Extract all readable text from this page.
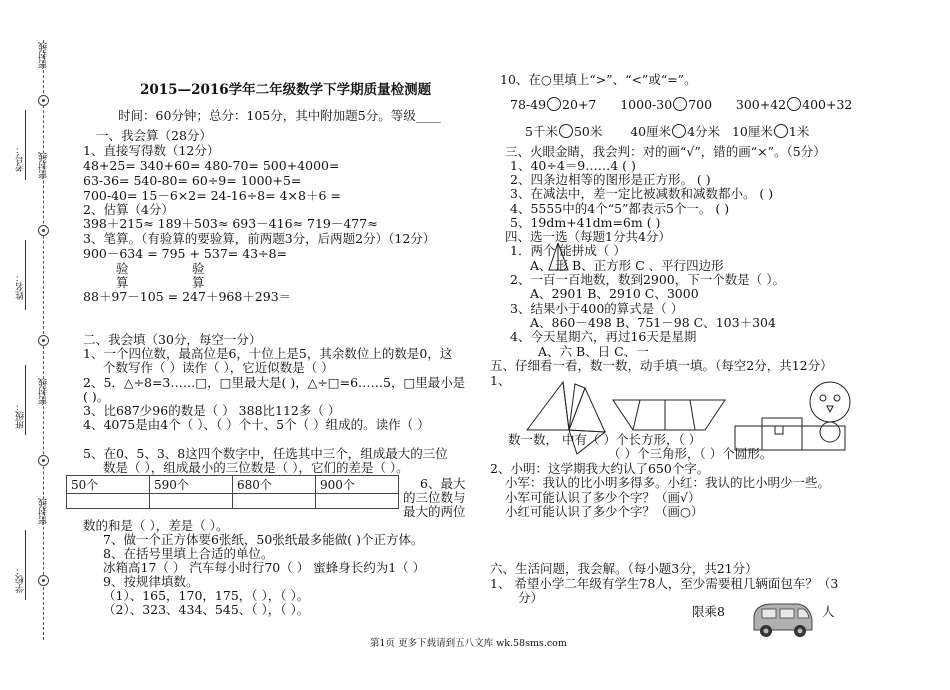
密封线
密封线
密封线
密封线
考号：
姓名：
班级：
学校：
2015—2016学年二年级数学下学期质量检测题
时间：60分钟；总分：105分，其中附加题5分。等级____
一、我会算（28分）
1、直接写得数（12分）
48+25= 340+60= 480-70= 500+4000=
63-36= 540-80= 60÷9= 1000+5=
700-40= 15－6×2= 24-16÷8= 4×8＋6 =
2、估算（4分）
398＋215≈ 189＋503≈ 693－416≈ 719－477≈
3、笔算。（有验算的要验算，前两题3分，后两题2分）（12分）
900－634 = 795 + 537= 43÷8=
验	验
算	算
88＋97－105 = 247＋968＋293＝
二、我会填（30分，每空一分）
1、一个四位数，最高位是6，十位上是5，其余数位上的数是0，这
个数写作（ ）读作（ ），它近似数是（ ）
2、5．△÷8=3……□，□里最大是( )，△÷□=6……5，□里最小是
( )。
3、比687少96的数是（ ） 388比112多（ ）
4、4075是由4个（ ）、（ ）个十、5个（ ）组成的。读作（ ）
5、在0、5、3、8这四个数字中，任选其中三个，组成最大的三位
数是（ ），组成最小的三位数是（ ），它们的差是（ ）。
50个	590个	680个	900个
				6、最大
的三位数与
最大的两位
数的和是（ ），差是（ ）。
7、做一个正方体要6张纸，50张纸最多能做( )个正方体。
8、在括号里填上合适的单位。
冰箱高17（ ） 汽车每小时行70（ ） 蜜蜂身长约为1（ ）
9、按规律填数。
（1）、165，170，175，（ ），（ ）。
（2）、323、434、545、（ ），（ ）。
10、在○里填上“>”、“<”或“=”。
78-49 20+7 1000-30 700 300+42 400+32
5千米 50米 40厘米 4分米 10厘米 1米
三、火眼金睛，我会判：对的画“√”，错的画“×”。（5分）
1、40÷4＝9……4 ( )
2、四条边相等的图形是正方形。 ( )
3、在减法中，差一定比被减数和减数都小。 ( )
4、5555中的4个“5”都表示5个一。 ( )
5、19dm+41dm=6m ( )
四、选一选（每题1分共4分）
1．两个 能拼成（ ）
A、 形 B、正方形 C 、平行四边形
2、一百一百地数，数到2900，下一个数是（ ）。
A、2901 B、2910 C、3000
3、结果小于400的算式是（ ）
A、860－498 B、751－98 C、103＋304
4、今天星期六，再过16天是星期
A、六 B、日 C、一
五、仔细看一看，数一数，动手填一填。（每空2分，共12分）
1、
数一数， 中有（ ）个长方形，（ ）
（ ）个三角形，（ ）个圆形。
2、小明：这学期我大约认了650个字。
小军：我认的比小明多得多。小红：我认的比小明少一些。
小军可能认识了多少个字？（画√）
小红可能认识了多少个字？（画○）
六、生活问题，我会解。（每小题3分，共21分）
1、 希望小学二年级有学生78人，至少需要租几辆面包车？（3
分）
限乘8	人
第1页 更多下载请到五八文库 wk.58sms.com
